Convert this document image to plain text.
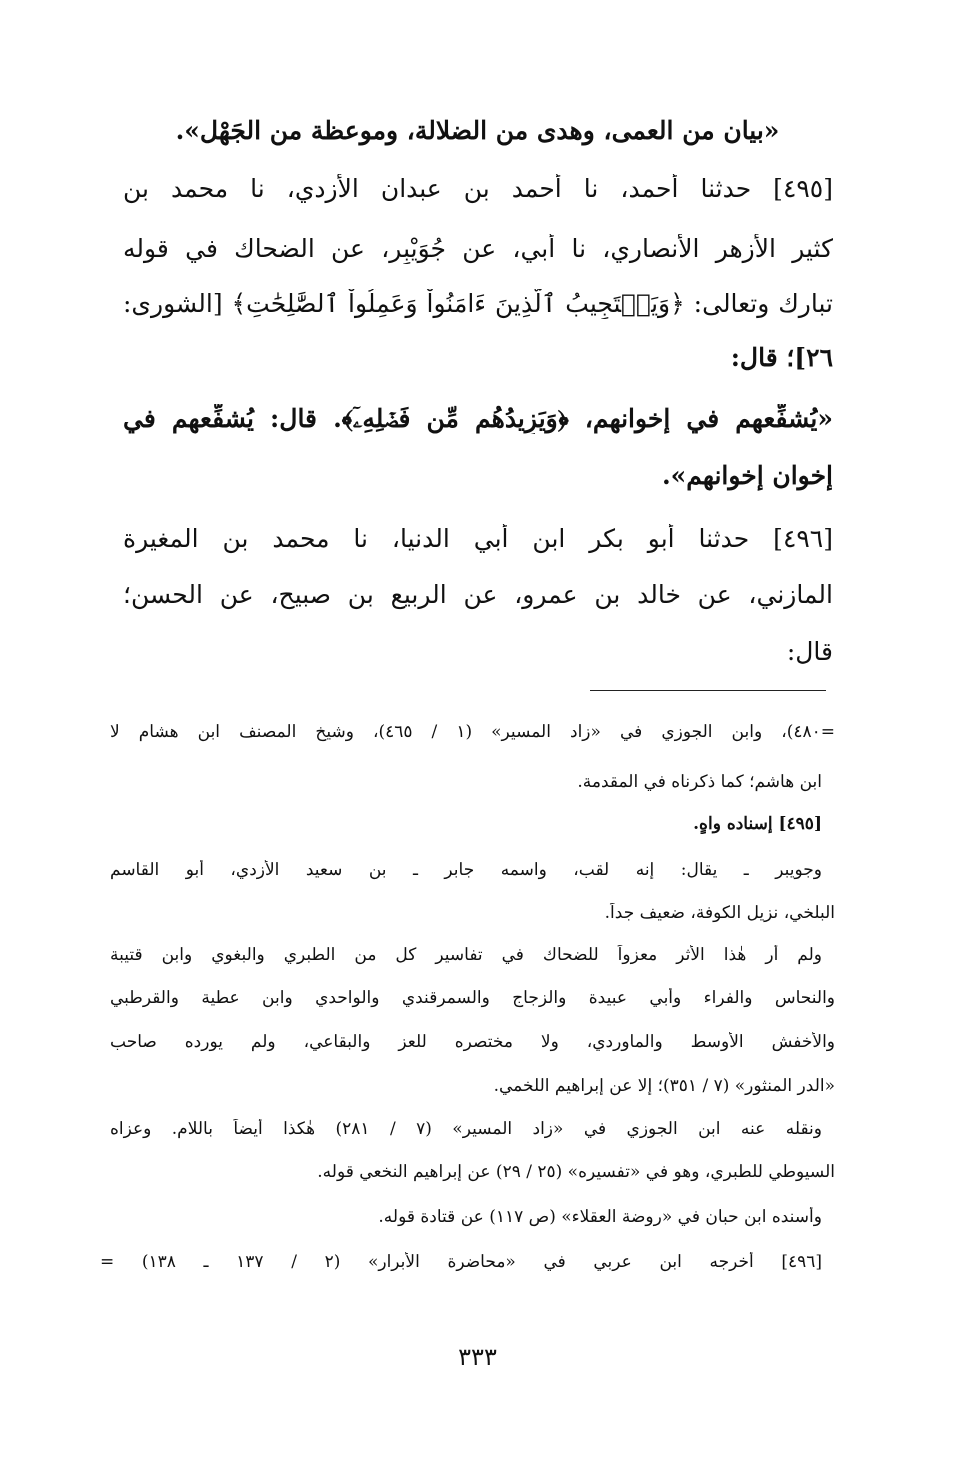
«بيان من العمى، وهدى من الضلالة، وموعظة من الجَهْل».
[٤٩٥] حدثنا أحمد، نا أحمد بن عبدان الأزدي، نا محمد بن
كثير الأزهر الأنصاري، نا أبي، عن جُوَيْبِر، عن الضحاك في قوله
تبارك وتعالى: ﴿وَيَسۡتَجِيبُ ٱلَّذِينَ ءَامَنُواْ وَعَمِلُواْ ٱلصَّٰلِحَٰتِ﴾ [الشورى:
٢٦]؛ قال:
«يُشفِّعهم في إخوانهم، ﴿وَيَزِيدُهُم مِّن فَضۡلِهِۦٓ﴾. قال: يُشفِّعهم في
إخوان إخوانهم».
[٤٩٦] حدثنا أبو بكر ابن أبي الدنيا، نا محمد بن المغيرة
المازني، عن خالد بن عمرو، عن الربيع بن صبيح، عن الحسن؛
قال:
=٤٨٠)، وابن الجوزي في «زاد المسير» (١ / ٤٦٥)، وشيخ المصنف ابن هشام لا
ابن هاشم؛ كما ذكرناه في المقدمة.
[٤٩٥] إسناده واهٍ.
وجويبر ـ يقال: إنه لقب، واسمه جابر ـ بن سعيد الأزدي، أبو القاسم
البلخي، نزيل الكوفة، ضعيف جداً.
ولم أر هٰذا الأثر معزواً للضحاك في تفاسير كل من الطبري والبغوي وابن قتيبة
والنحاس والفراء وأبي عبيدة والزجاج والسمرقندي والواحدي وابن عطية والقرطبي
والأخفش الأوسط والماوردي، ولا مختصره للعز والبقاعي، ولم يورده صاحب
«الدر المنثور» (٧ / ٣٥١)؛ إلا عن إبراهيم اللخمي.
ونقله عنه ابن الجوزي في «زاد المسير» (٧ / ٢٨١) هٰكذا أيضاً باللام. وعزاه
السيوطي للطبري، وهو في «تفسيره» (٢٥ / ٢٩) عن إبراهيم النخعي قوله.
وأسنده ابن حبان في «روضة العقلاء» (ص ١١٧) عن قتادة قوله.
[٤٩٦] أخرجه ابن عربي في «محاضرة الأبرار» (٢ / ١٣٧ ـ ١٣٨) =
٣٣٣
